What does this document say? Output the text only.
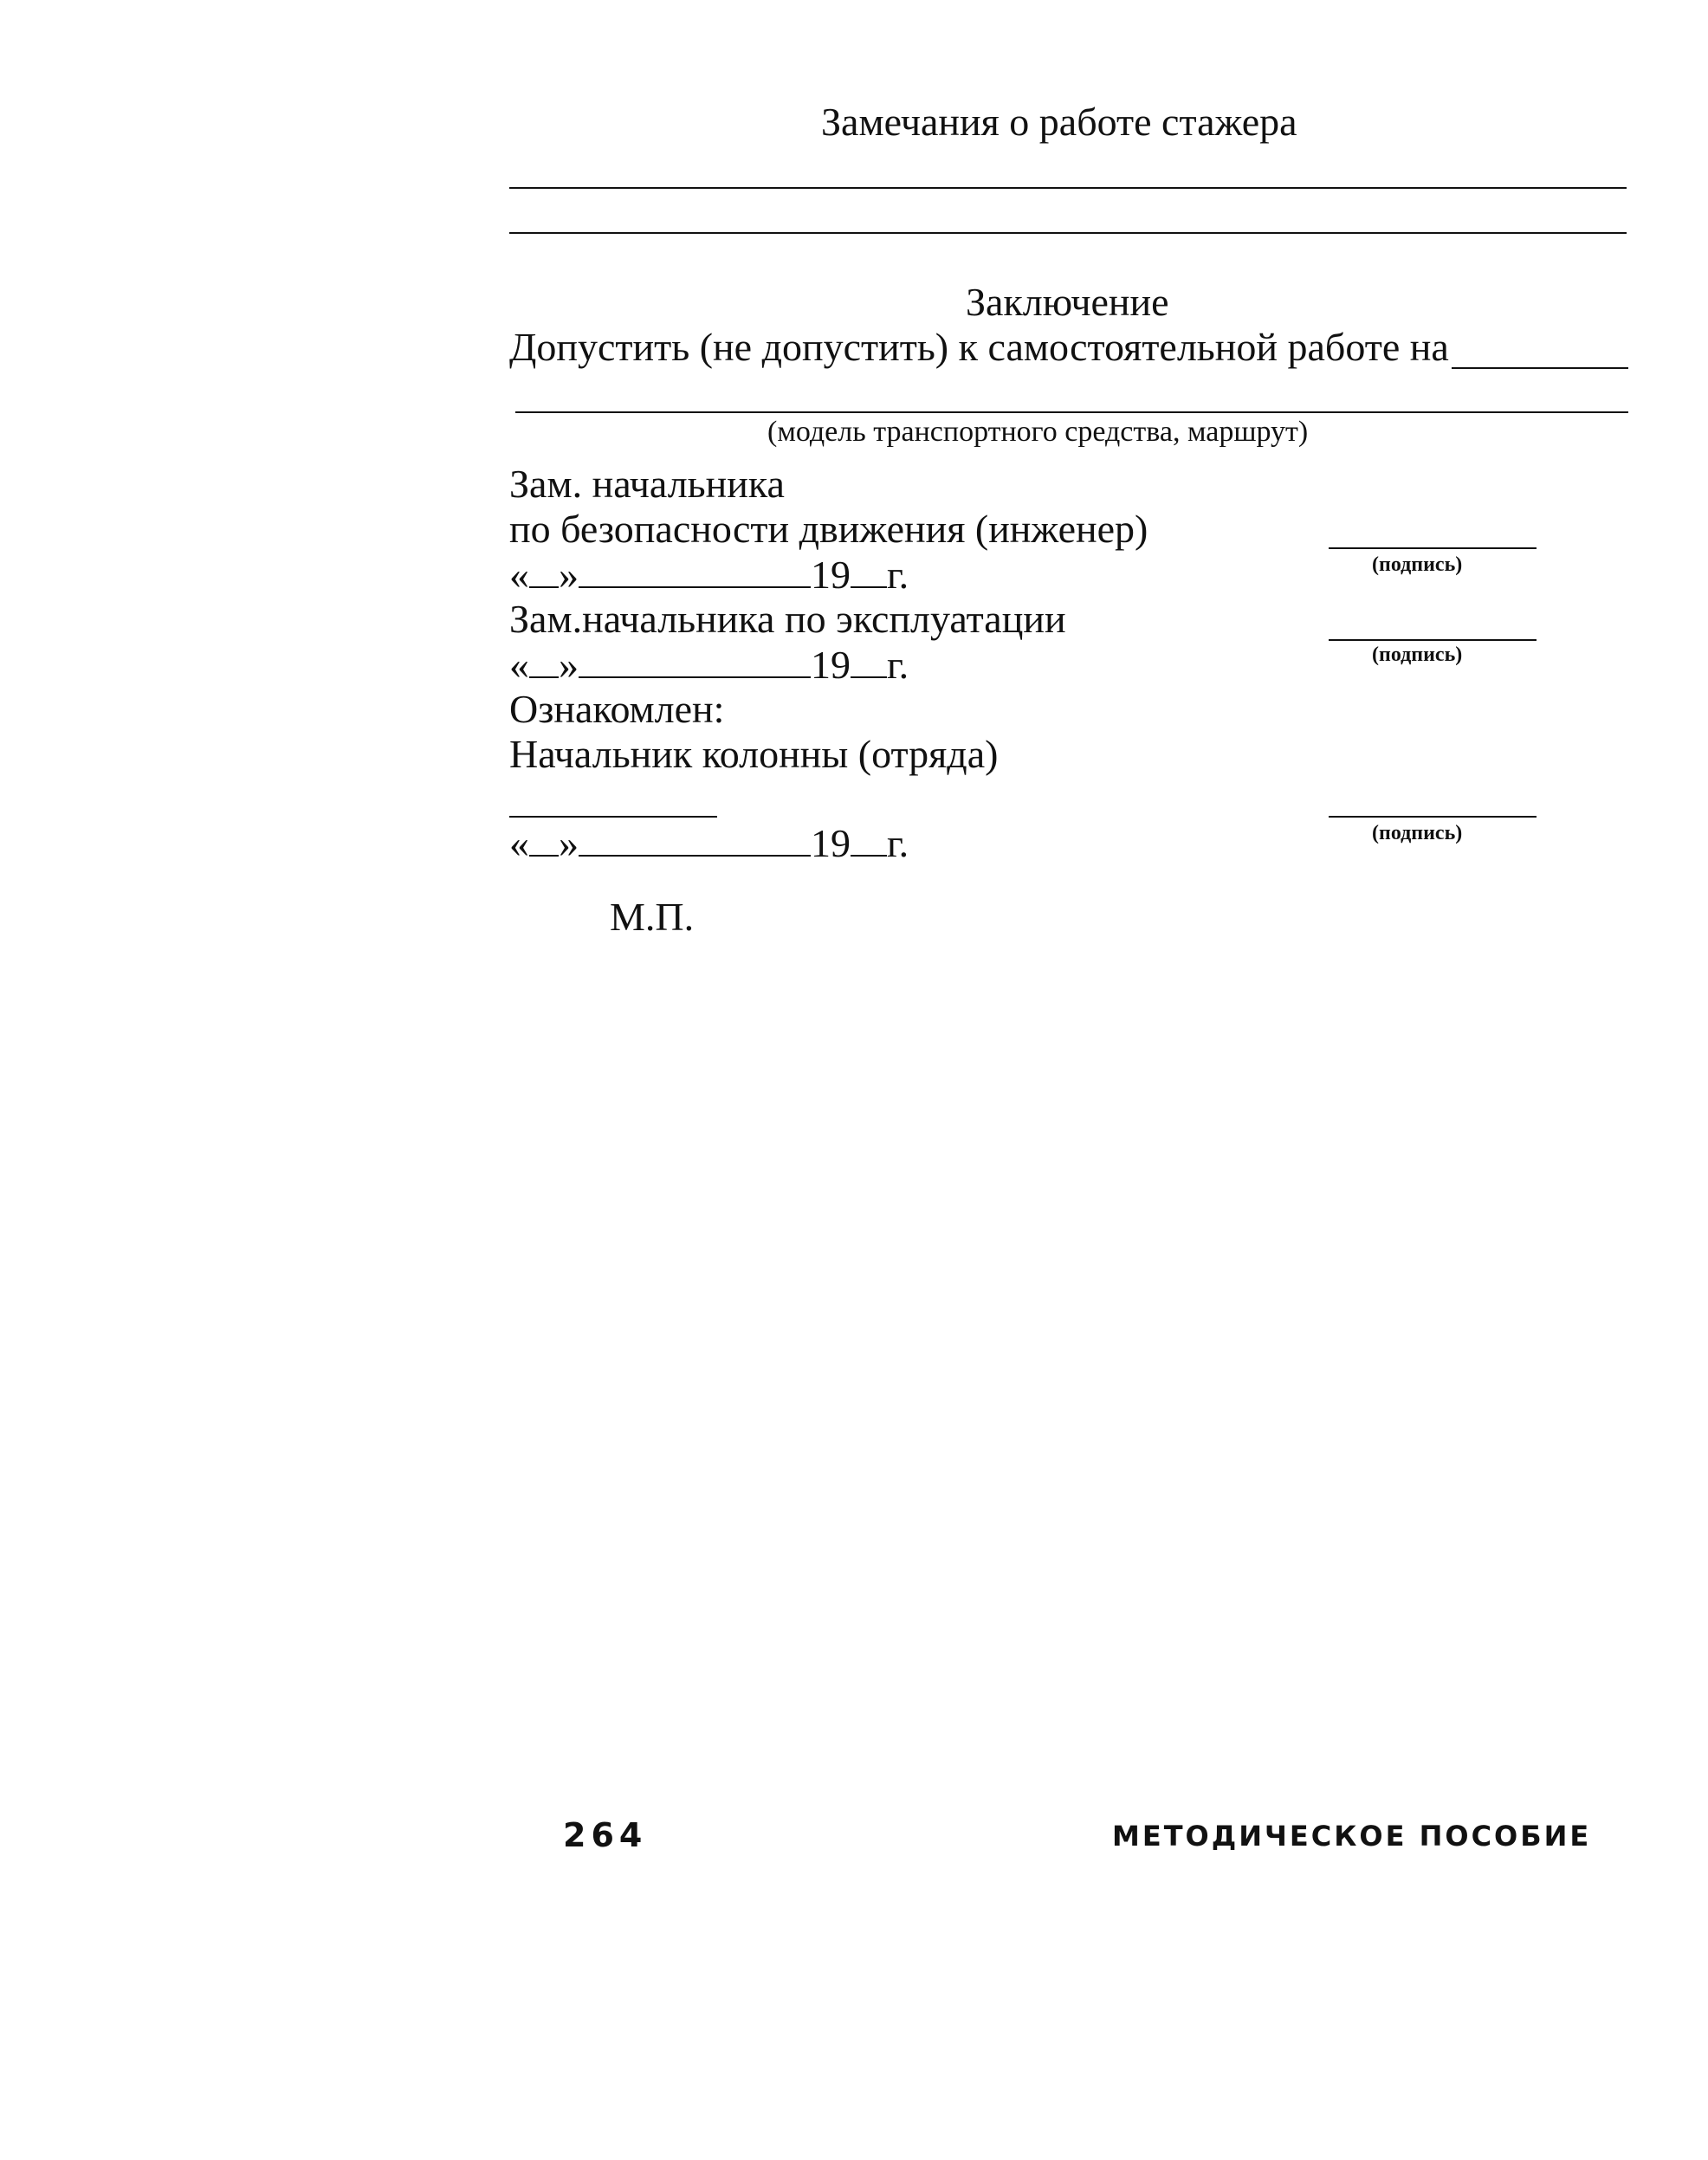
Замечания о работе стажера
Заключение
Допустить (не допустить) к самостоятельной работе на
(модель транспортного средства, маршрут)
Зам. начальника
по безопасности движения (инженер)
(подпись)
« »	19 г.
Зам.начальника по эксплуатации
(подпись)
« »	19 г.
Ознакомлен:
Начальник колонны (отряда)
(подпись)
« »	19 г.
М.П.
264	МЕТОДИЧЕСКОЕ ПОСОБИЕ
